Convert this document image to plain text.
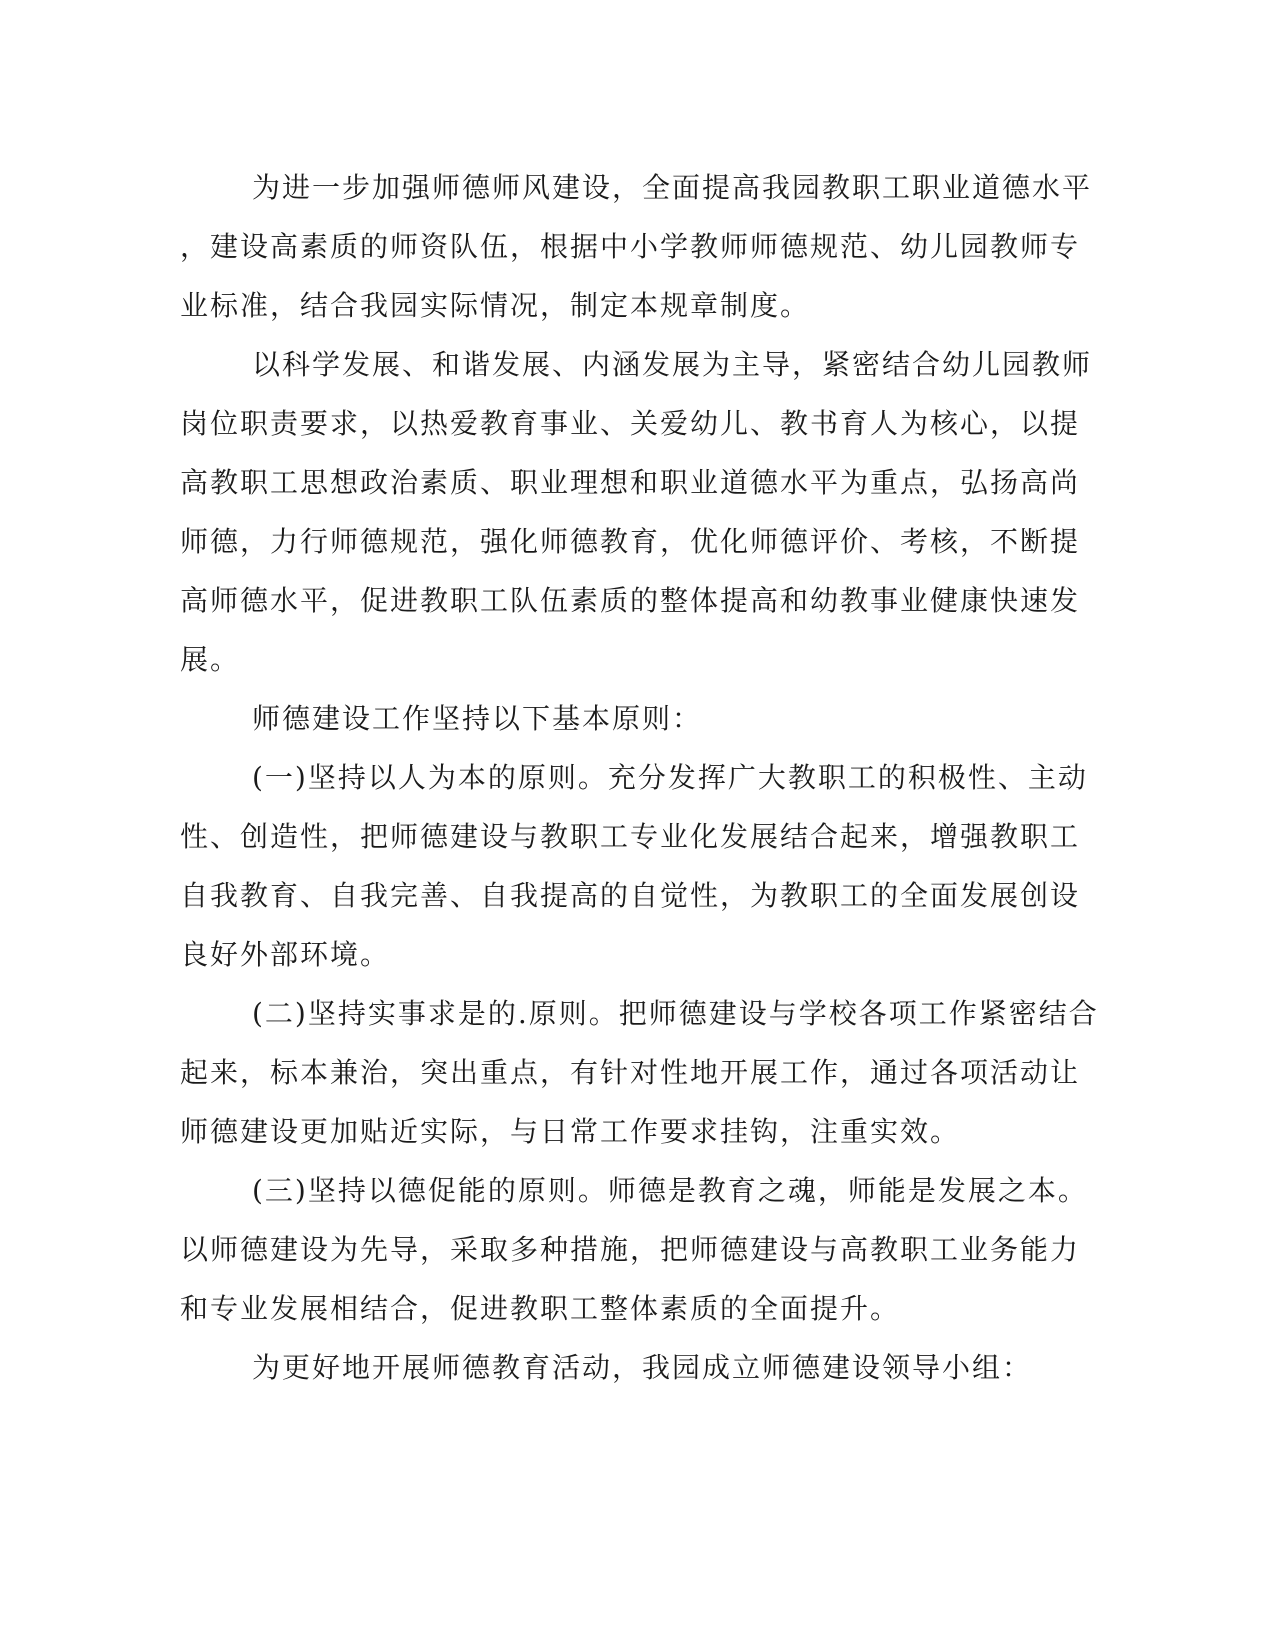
为进一步加强师德师风建设，全面提高我园教职工职业道德水平
，建设高素质的师资队伍，根据中小学教师师德规范、幼儿园教师专
业标准，结合我园实际情况，制定本规章制度。

以科学发展、和谐发展、内涵发展为主导，紧密结合幼儿园教师
岗位职责要求，以热爱教育事业、关爱幼儿、教书育人为核心，以提
高教职工思想政治素质、职业理想和职业道德水平为重点，弘扬高尚
师德，力行师德规范，强化师德教育，优化师德评价、考核，不断提
高师德水平，促进教职工队伍素质的整体提高和幼教事业健康快速发
展。

师德建设工作坚持以下基本原则：

(一)坚持以人为本的原则。充分发挥广大教职工的积极性、主动
性、创造性，把师德建设与教职工专业化发展结合起来，增强教职工
自我教育、自我完善、自我提高的自觉性，为教职工的全面发展创设
良好外部环境。

(二)坚持实事求是的.原则。把师德建设与学校各项工作紧密结合
起来，标本兼治，突出重点，有针对性地开展工作，通过各项活动让
师德建设更加贴近实际，与日常工作要求挂钩，注重实效。

(三)坚持以德促能的原则。师德是教育之魂，师能是发展之本。
以师德建设为先导，采取多种措施，把师德建设与高教职工业务能力
和专业发展相结合，促进教职工整体素质的全面提升。

为更好地开展师德教育活动，我园成立师德建设领导小组：
